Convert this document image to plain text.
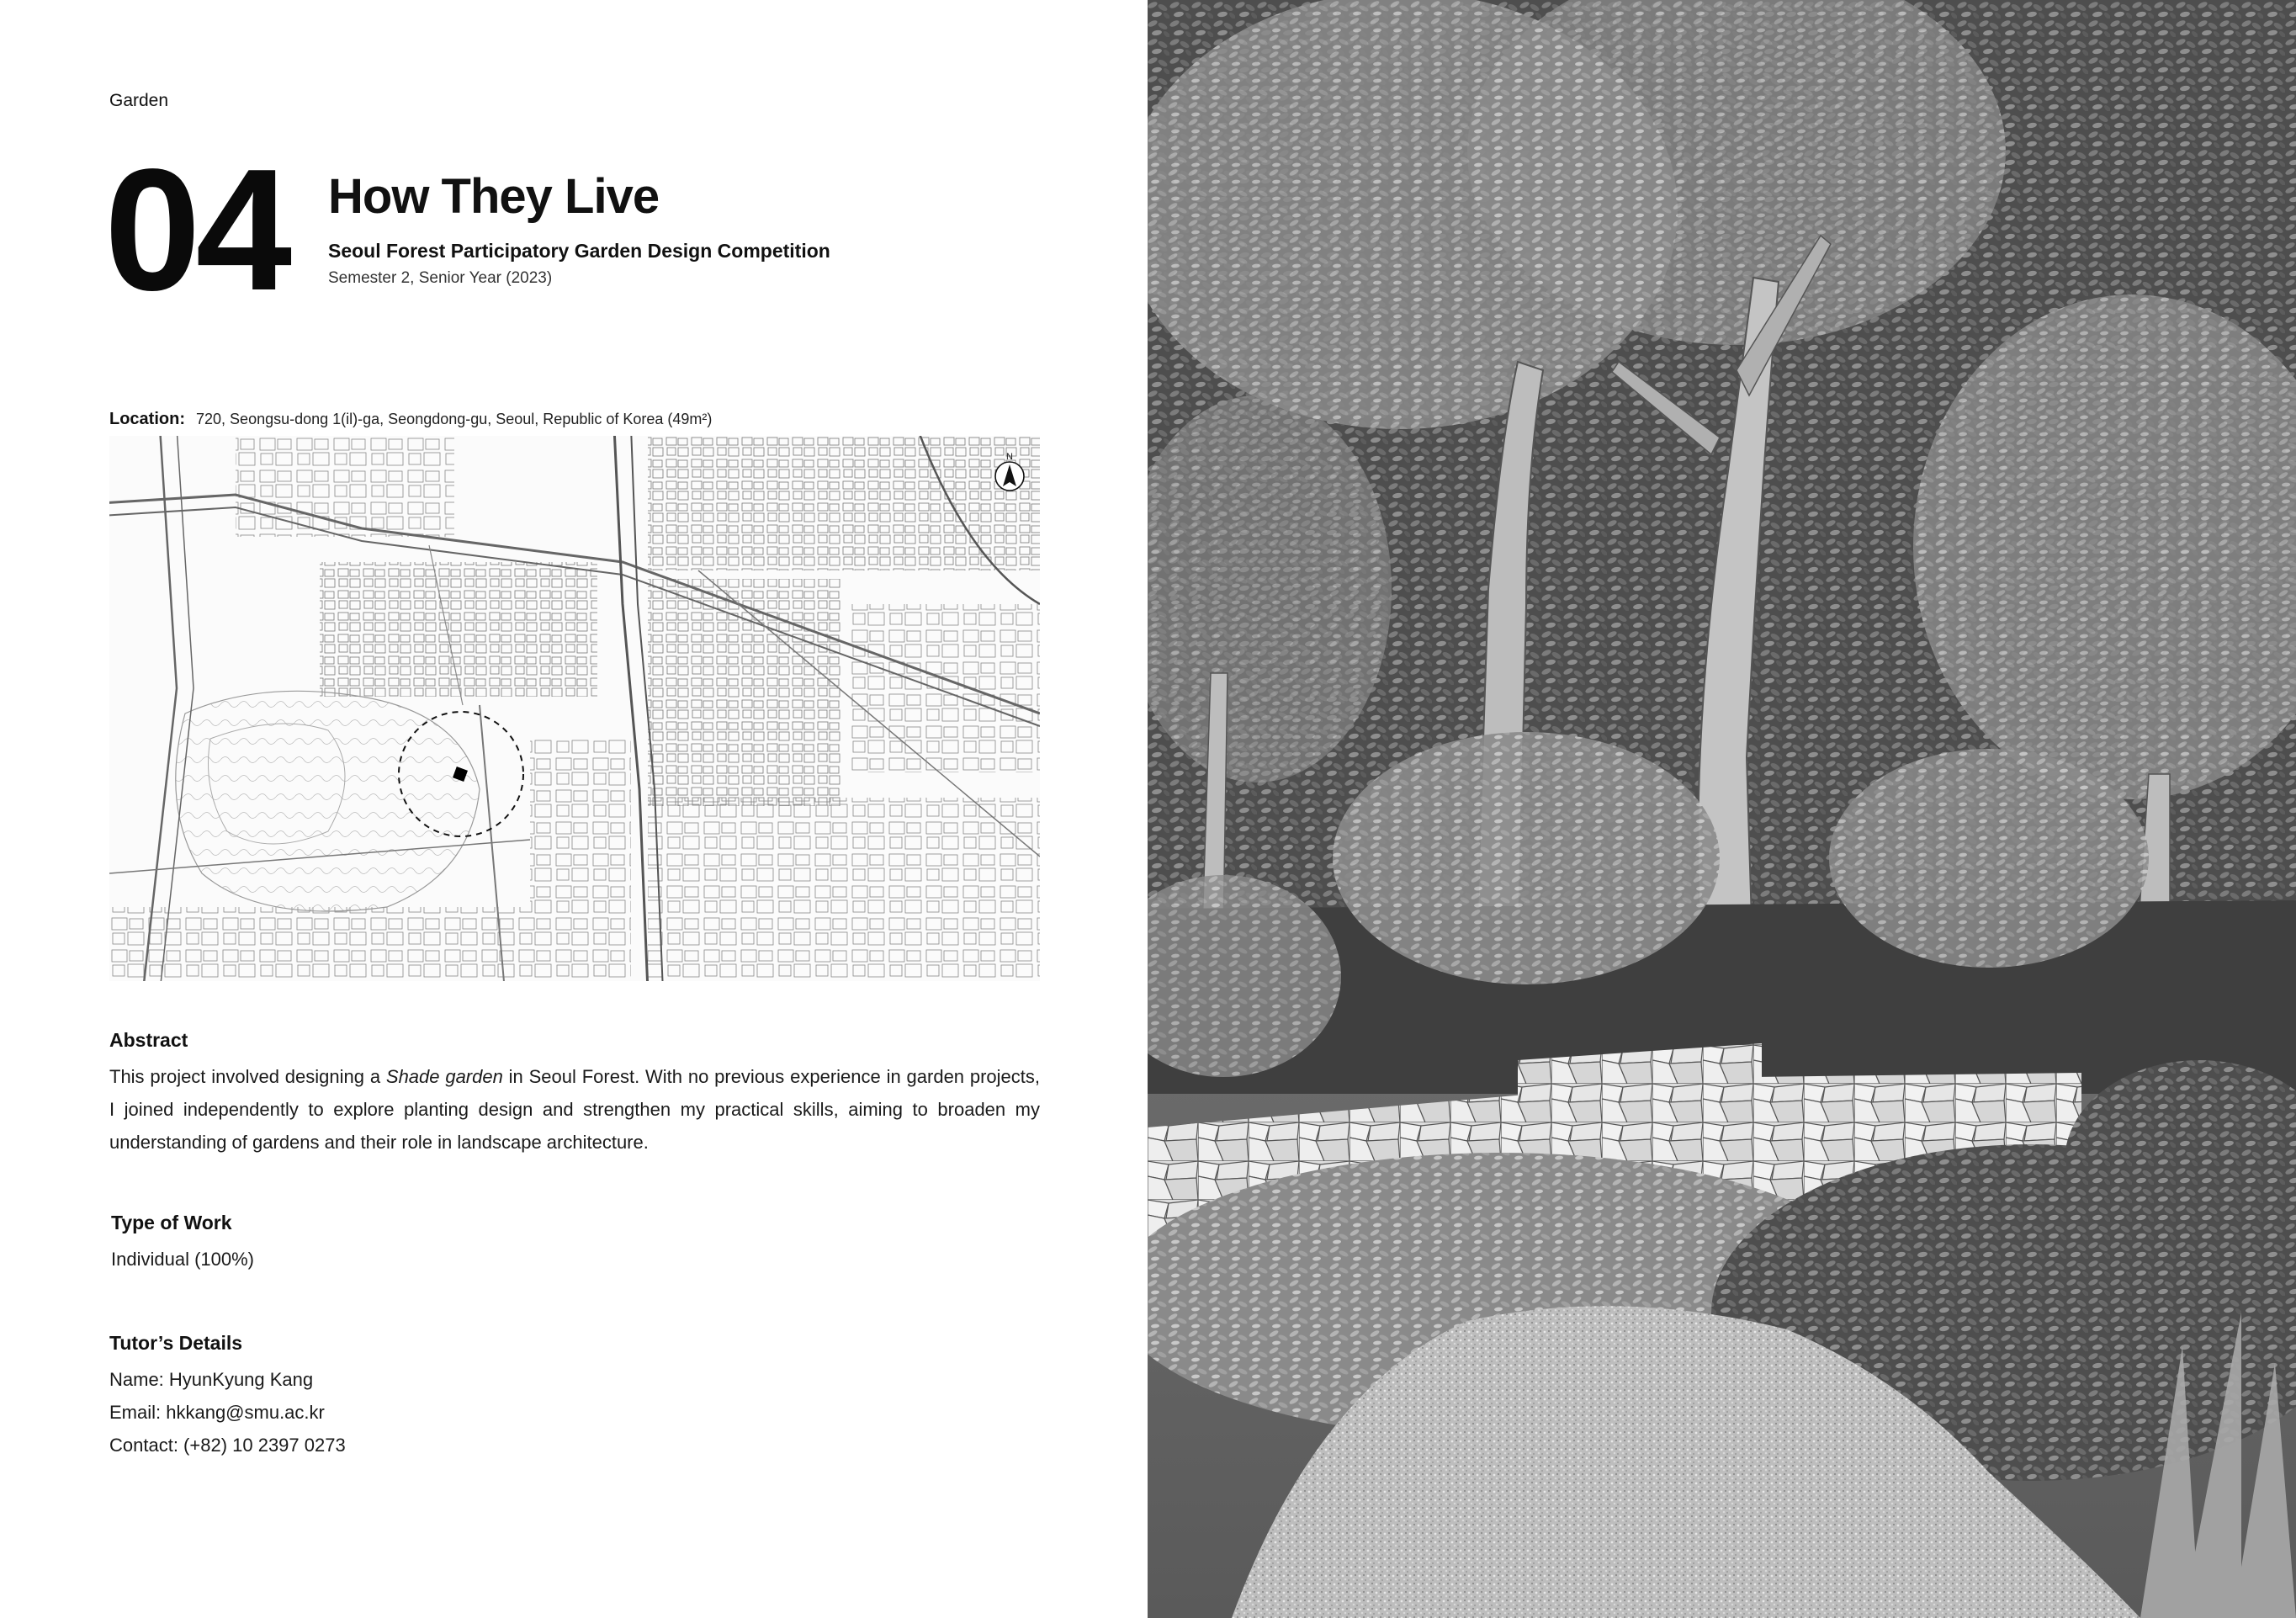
Garden
04 How They Live
Seoul Forest Participatory Garden Design Competition
Semester 2, Senior Year (2023)
Location: 720, Seongsu-dong 1(il)-ga, Seongdong-gu, Seoul, Republic of Korea (49m²)
N
Abstract
This project involved designing a Shade garden in Seoul Forest. With no previous experience in garden projects, I joined independently to explore planting design and strengthen my practical skills, aiming to broaden my understanding of gardens and their role in landscape architecture.
Type of Work
Individual (100%)
Tutor’s Details
Name: HyunKyung Kang
Email: hkkang@smu.ac.kr
Contact: (+82) 10 2397 0273
